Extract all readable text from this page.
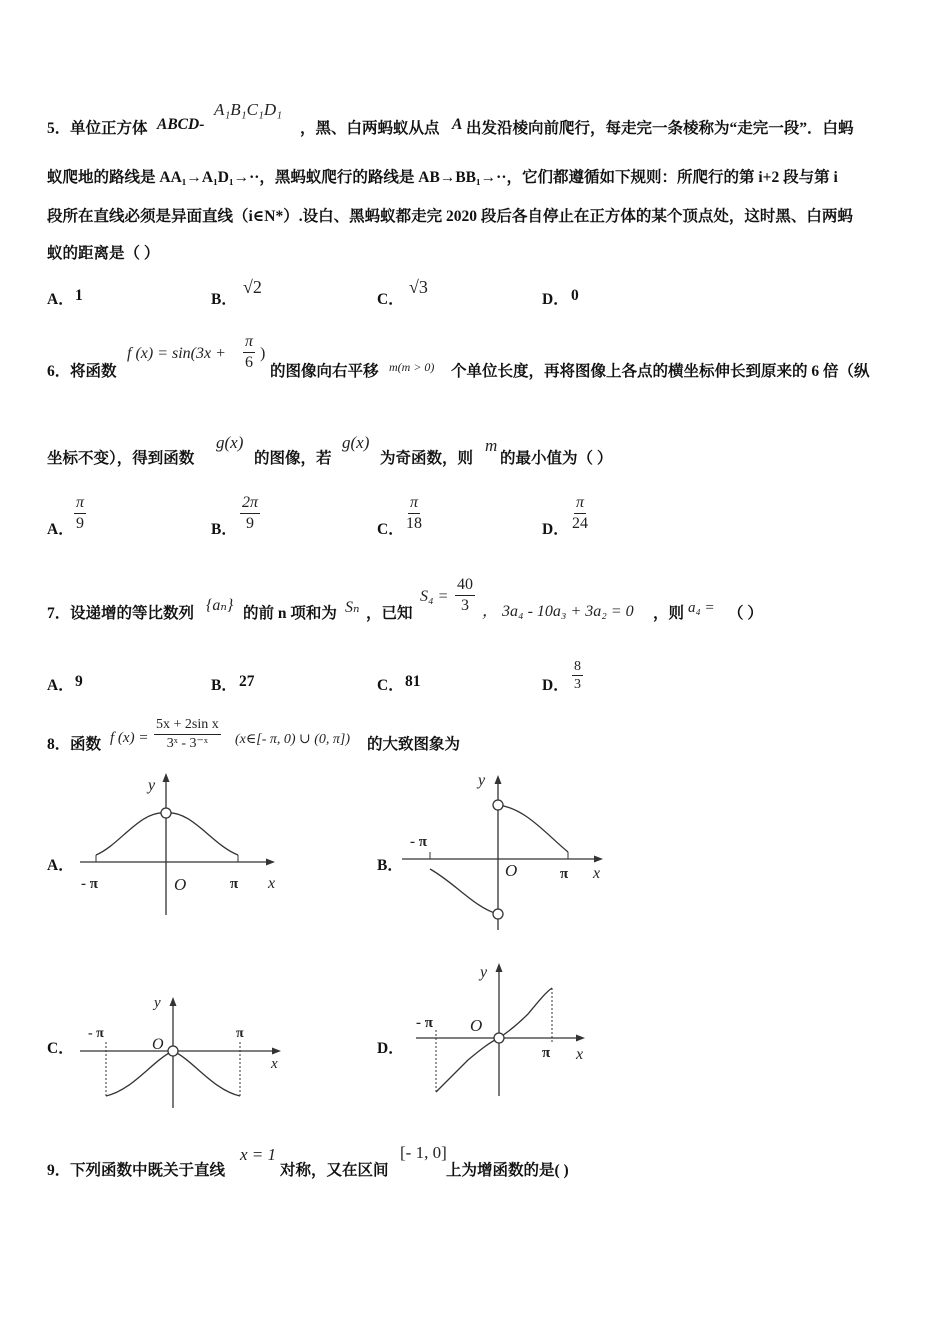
5． 单位正方体 ABCD-
A₁B₁C₁D₁
，黑、白两蚂蚁从点 A 出发沿棱向前爬行，每走完一条棱称为“走完一段”．白蚂
蚁爬地的路线是 AA₁→A₁D₁→··，黑蚂蚁爬行的路线是 AB→BB₁→··，它们都遵循如下规则：所爬行的第 i+2 段与第 i
段所在直线必须是异面直线（i∈N*）.设白、黑蚂蚁都走完 2020 段后各自停止在正方体的某个顶点处，这时黑、白两蚂
蚁的距离是（ ）
A． 1	B．
√2
C．
√3
D． 0
6． 将函数
f $(x) = \sin(3x + \frac{\pi}{6}$ )
的图像向右平移 m(m > 0) 个单位长度，再将图像上各点的横坐标伸长到原来的 6 倍（纵
坐标不变），得到函数
g(x)
的图像，若
g(x)
为奇函数，则
m
的最小值为（ ）
A． $\frac{\pi}{9}$	B． $\frac{2\pi}{9}$	C． $\frac{\pi}{18}$	D． $\frac{\pi}{24}$
7． 设递增的等比数列 {aₙ} 的前 n 项和为 Sₙ ，已知
$S_4 = \frac{40}{3}$ ， 3a₄ - 10a₃ + 3a₂ = 0 ，则 a₄ = （ ）
A． 9	B． 27	C． 81	D． $\frac{8}{3}$
8． 函数 f $(x) = \frac{\text{5x + 2sin x}}{\text{3ˣ - 3⁻ˣ}}$ (x∈[- π, 0) ∪ (0, π]) 的大致图象为
A．
y
x
O
- π	π
B．
y
x
O
- π
π
C．
y
x
O
- π	π
D．
y
x
O
- π
π
9． 下列函数中既关于直线
x = 1
对称，又在区间
[- 1, 0]
上为增函数的是( )
